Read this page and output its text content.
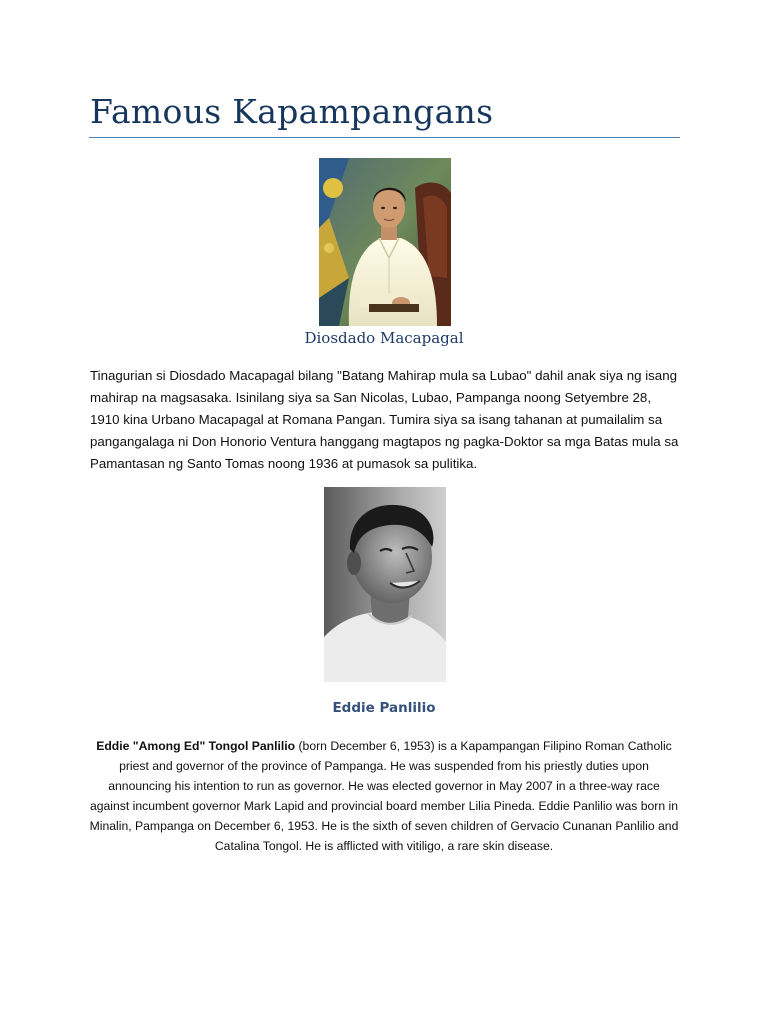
Famous Kapampangans
Diosdado Macapagal

Tinagurian si Diosdado Macapagal bilang "Batang Mahirap mula sa Lubao" dahil anak siya ng isang mahirap na magsasaka. Isinilang siya sa San Nicolas, Lubao, Pampanga noong Setyembre 28, 1910 kina Urbano Macapagal at Romana Pangan. Tumira siya sa isang tahanan at pumailalim sa pangangalaga ni Don Honorio Ventura hanggang magtapos ng pagka-Doktor sa mga Batas mula sa Pamantasan ng Santo Tomas noong 1936 at pumasok sa pulitika.

Eddie Panlilio

Eddie "Among Ed" Tongol Panlilio (born December 6, 1953) is a Kapampangan Filipino Roman Catholic priest and governor of the province of Pampanga. He was suspended from his priestly duties upon announcing his intention to run as governor. He was elected governor in May 2007 in a three-way race against incumbent governor Mark Lapid and provincial board member Lilia Pineda. Eddie Panlilio was born in Minalin, Pampanga on December 6, 1953. He is the sixth of seven children of Gervacio Cunanan Panlilio and Catalina Tongol. He is afflicted with vitiligo, a rare skin disease.
